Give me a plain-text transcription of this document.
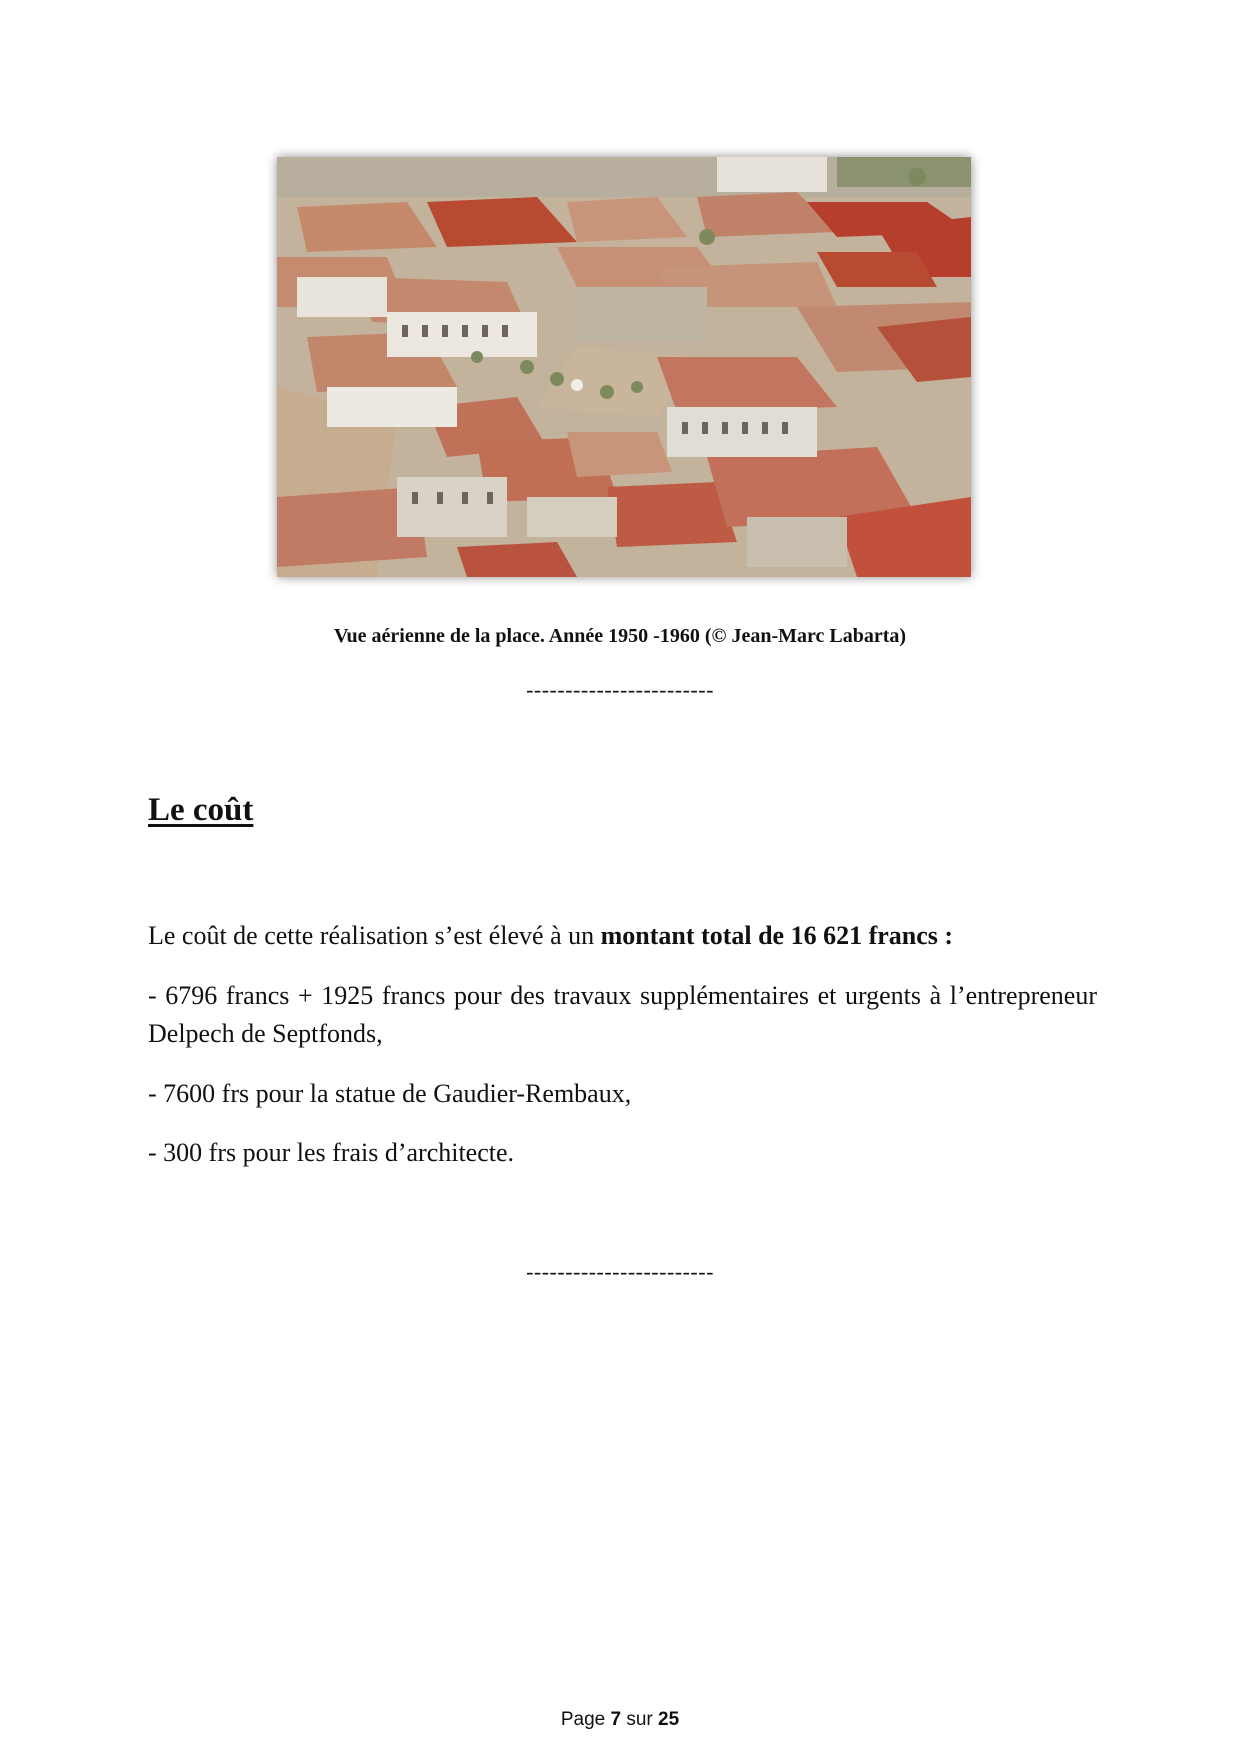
Vue aérienne de la place. Année 1950 -1960 (© Jean-Marc Labarta)
------------------------
Le coût

Le coût de cette réalisation s’est élevé à un montant total de 16 621 francs :

- 6796 francs + 1925 francs pour des travaux supplémentaires et urgents à l’entrepreneur Delpech de Septfonds,

- 7600 frs pour la statue de Gaudier-Rembaux,

- 300 frs pour les frais d’architecte.

------------------------
Page 7 sur 25
